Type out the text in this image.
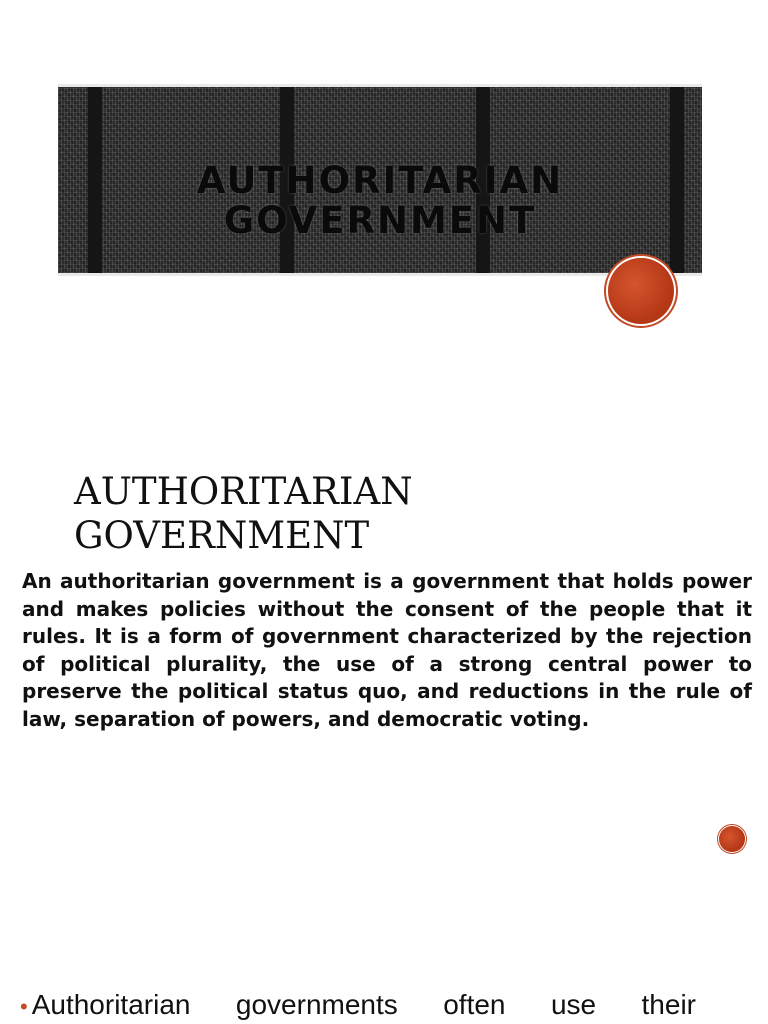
AUTHORITARIAN GOVERNMENT
AUTHORITARIAN GOVERNMENT

An authoritarian government is a government that holds power and makes policies without the consent of the people that it rules. It is a form of government characterized by the rejection of political plurality, the use of a strong central power to preserve the political status quo, and reductions in the rule of law, separation of powers, and democratic voting.

• Authoritarian governments often use their
